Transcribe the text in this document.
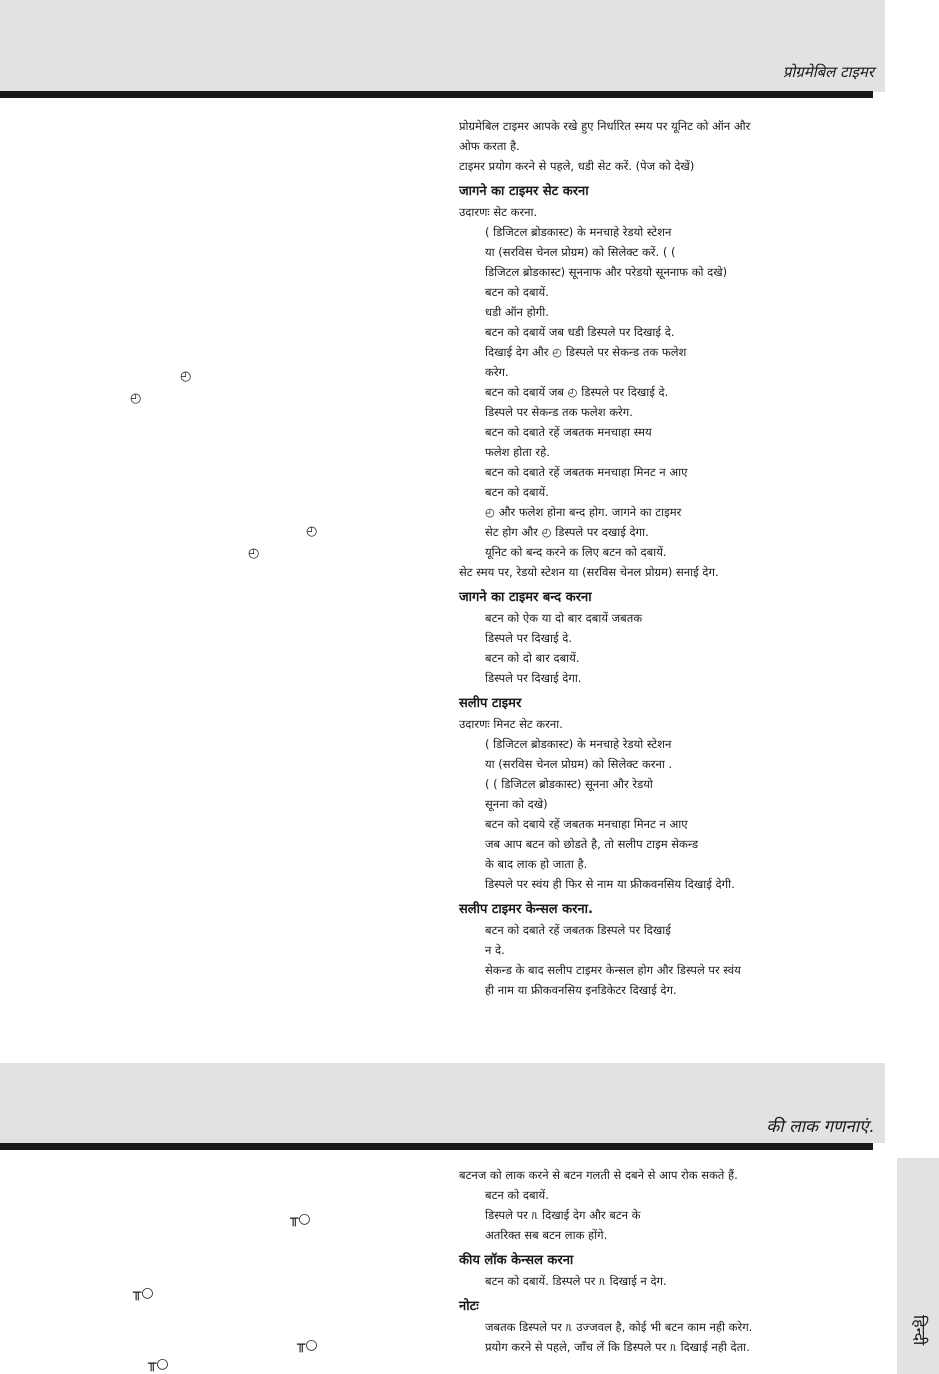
प्रोग्रमेबिल टाइमर
की लाक गणनाएं.
हिन्दी
◴
◴
◴
◴
╥○
╥○
╥○
╥○

प्रोग्रमेबिल टाइमर आपके रखे हुए निर्धारित स्मय पर यूनिट को ऑन और

ओफ करता है.

टाइमर प्रयोग करने से पहले, धडी सेट करें. (पेज को देखें)

जागने का टाइमर सेट करना

उदारणः सेट करना.

( डिजिटल ब्रोडकास्ट) के मनचाहे रेडयो स्टेशन

या (सरविस चेनल प्रोग्रम) को सिलेक्ट करें. ( (

डिजिटल ब्रोडकास्ट) सूननाफ और परेडयो सूननाफ को दखे)

बटन को दबायें.

धडी ऑन होगी.

बटन को दबायें जब धडी डिस्पले पर दिखाई दे.

दिखाई देग और ◴ डिस्पले पर सेकन्ड तक फलेश

करेग.

बटन को दबायें जब ◴ डिस्पले पर दिखाई दे.

डिस्पले पर सेकन्ड तक फलेश करेग.

बटन को दबाते रहें जबतक मनचाहा स्मय

फलेश होता रहे.

बटन को दबाते रहें जबतक मनचाहा मिनट न आए

बटन को दबायें.

◴ और फलेश होना बन्द होग. जागने का टाइमर

सेट होग और ◴ डिस्पले पर दखाई देगा.

यूनिट को बन्द करने क लिए बटन को दबायें.

सेट स्मय पर, रेडयो स्टेशन या (सरविस चेनल प्रोग्रम) सनाई देग.

जागने का टाइमर बन्द करना

बटन को ऐक या दो बार दबायें जबतक

डिस्पले पर दिखाई दे.

बटन को दो बार दबायें.

डिस्पले पर दिखाई देगा.

सलीप टाइमर

उदारणः मिनट सेट करना.

( डिजिटल ब्रोडकास्ट) के मनचाहे रेडयो स्टेशन

या (सरविस चेनल प्रोग्रम) को सिलेक्ट करना .

( ( डिजिटल ब्रोडकास्ट) सूनना और रेडयो

सूनना को दखे)

बटन को दबाये रहें जबतक मनचाहा मिनट न आए

जब आप बटन को छोडते है, तो सलीप टाइम सेकन्ड

के बाद लाक हो जाता है.

डिस्पले पर स्वंय ही फिर से नाम या फ्रीकवनसिय दिखाई देगी.

सलीप टाइमर केन्सल करना.

बटन को दबाते रहें जबतक डिस्पले पर दिखाई

न दे.

सेकन्ड के बाद सलीप टाइमर केन्सल होग और डिस्पले पर स्वंय

ही नाम या फ्रीकवनसिय इनडिकेटर दिखाई देग.

बटनज को लाक करने से बटन गलती से दबने से आप रोक सकते हैं.

बटन को दबायें.

डिस्पले पर ᥰ दिखाई देग और बटन के

अतरिक्त सब बटन लाक होंगे.

कीय लॉक केन्सल करना

बटन को दबायें. डिस्पले पर ᥰ दिखाई न देग.

नोटः

जबतक डिस्पले पर ᥰ उज्जवल है, कोई भी बटन काम नही करेग.

प्रयोग करने से पहले, जाँच लें कि डिस्पले पर ᥰ दिखाई नही देता.
